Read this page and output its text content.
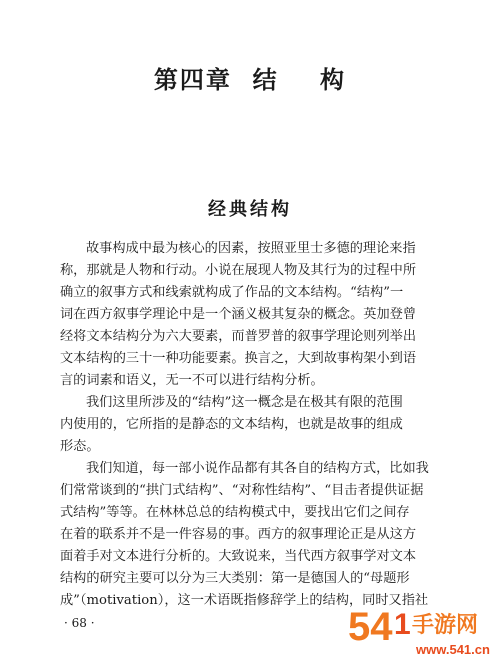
第四章  结    构
经典结构
故事构成中最为核心的因素，按照亚里士多德的理论来指
称，那就是人物和行动。小说在展现人物及其行为的过程中所
确立的叙事方式和线索就构成了作品的文本结构。“结构”一
词在西方叙事学理论中是一个涵义极其复杂的概念。英加登曾
经将文本结构分为六大要素，而普罗普的叙事学理论则列举出
文本结构的三十一种功能要素。换言之，大到故事构架小到语
言的词素和语义，无一不可以进行结构分析。
我们这里所涉及的“结构”这一概念是在极其有限的范围
内使用的，它所指的是静态的文本结构，也就是故事的组成
形态。
我们知道，每一部小说作品都有其各自的结构方式，比如我
们常常谈到的“拱门式结构”、“对称性结构”、“目击者提供证据
式结构”等等。在林林总总的结构模式中，要找出它们之间存
在着的联系并不是一件容易的事。西方的叙事理论正是从这方
面着手对文本进行分析的。大致说来，当代西方叙事学对文本
结构的研究主要可以分为三大类别：第一是德国人的“母题形
成”（motivation），这一术语既指修辞学上的结构，同时又指社
· 68 ·	54 1 手游网
www.541.cn
